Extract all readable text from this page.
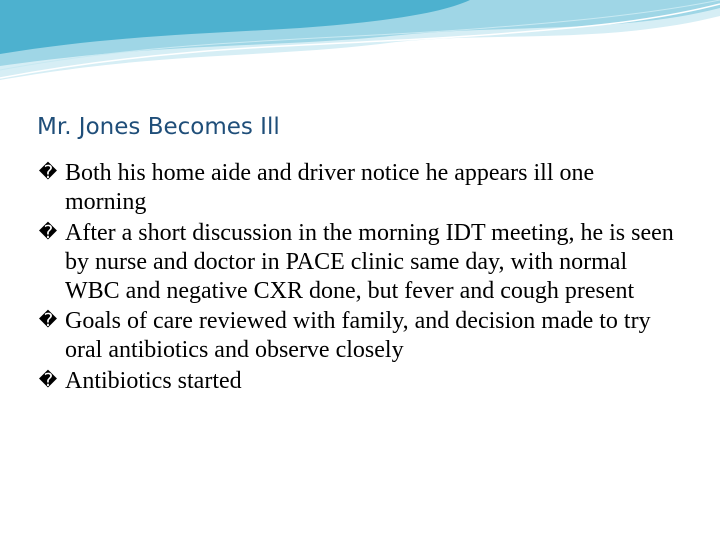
Mr. Jones Becomes Ill
� Both his home aide and driver notice he appears ill one morning
� After a short discussion in the morning IDT meeting, he is seen by nurse and doctor in PACE clinic same day, with normal WBC and negative CXR done, but fever and cough present
� Goals of care reviewed with family, and decision made to try oral antibiotics and observe closely
� Antibiotics started
